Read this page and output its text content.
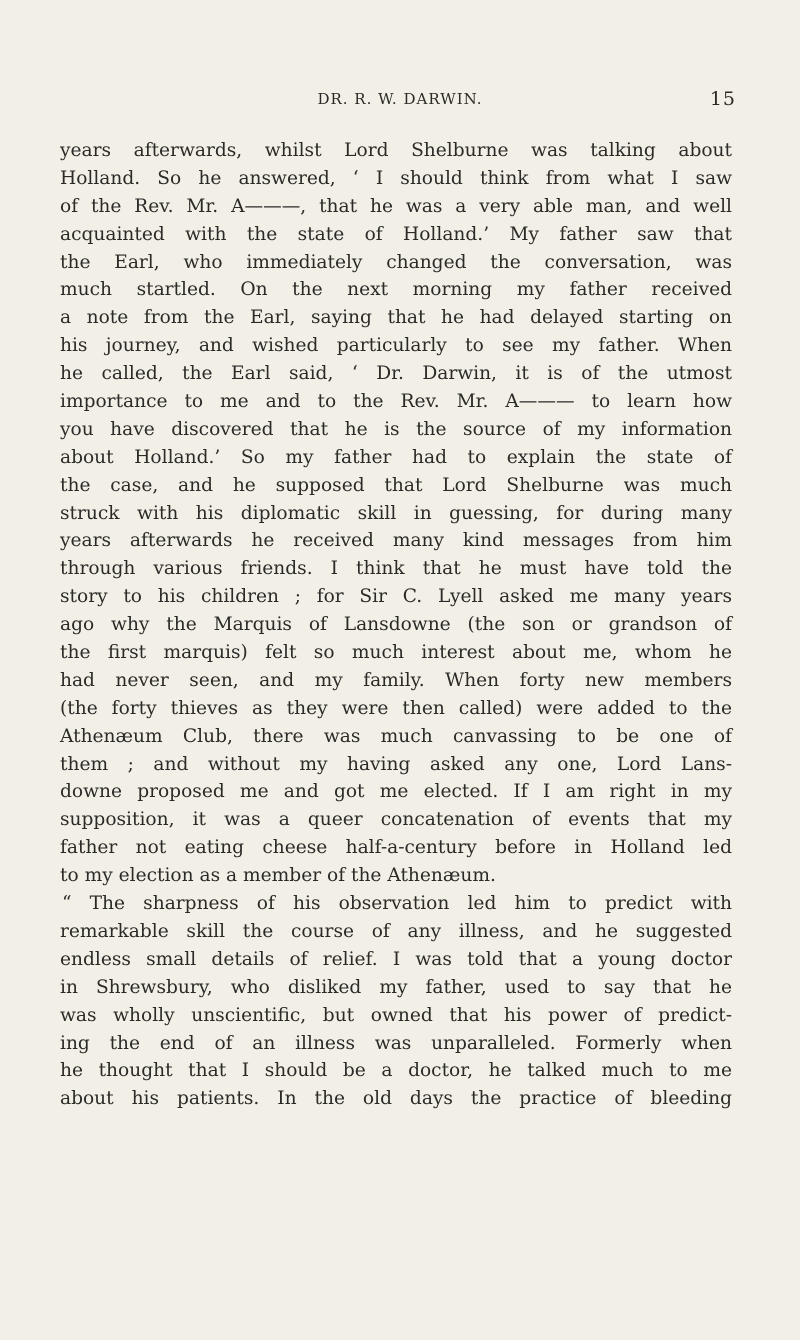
DR. R. W. DARWIN.	15
years afterwards, whilst Lord Shelburne was talking about
Holland. So he answered, ‘ I should think from what I saw
of the Rev. Mr. A———, that he was a very able man, and well
acquainted with the state of Holland.’ My father saw that
the Earl, who immediately changed the conversation, was
much startled. On the next morning my father received
a note from the Earl, saying that he had delayed starting on
his journey, and wished particularly to see my father. When
he called, the Earl said, ‘ Dr. Darwin, it is of the utmost
importance to me and to the Rev. Mr. A——— to learn how
you have discovered that he is the source of my information
about Holland.’ So my father had to explain the state of
the case, and he supposed that Lord Shelburne was much
struck with his diplomatic skill in guessing, for during many
years afterwards he received many kind messages from him
through various friends. I think that he must have told the
story to his children ; for Sir C. Lyell asked me many years
ago why the Marquis of Lansdowne (the son or grandson of
the first marquis) felt so much interest about me, whom he
had never seen, and my family. When forty new members
(the forty thieves as they were then called) were added to the
Athenæum Club, there was much canvassing to be one of
them ; and without my having asked any one, Lord Lans-
downe proposed me and got me elected. If I am right in my
supposition, it was a queer concatenation of events that my
father not eating cheese half-a-century before in Holland led
to my election as a member of the Athenæum.
“ The sharpness of his observation led him to predict with
remarkable skill the course of any illness, and he suggested
endless small details of relief. I was told that a young doctor
in Shrewsbury, who disliked my father, used to say that he
was wholly unscientific, but owned that his power of predict-
ing the end of an illness was unparalleled. Formerly when
he thought that I should be a doctor, he talked much to me
about his patients. In the old days the practice of bleeding
